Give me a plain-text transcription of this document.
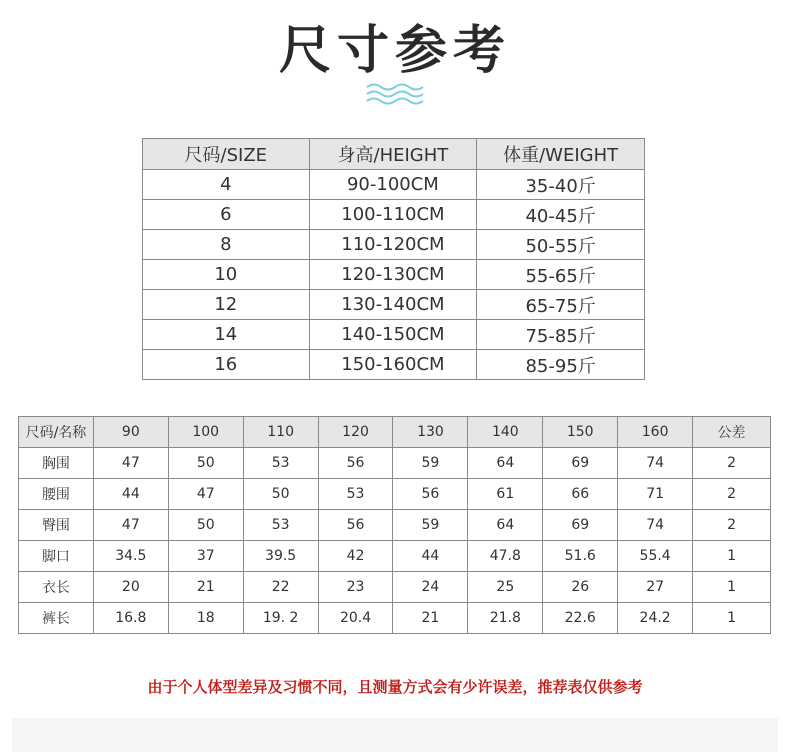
尺寸参考
尺码/SIZE	身高/HEIGHT	体重/WEIGHT
4	90-100CM	35-40斤
6	100-110CM	40-45斤
8	110-120CM	50-55斤
10	120-130CM	55-65斤
12	130-140CM	65-75斤
14	140-150CM	75-85斤
16	150-160CM	85-95斤
尺码/名称	90	100	110	120	130	140	150	160	公差
胸围	47	50	53	56	59	64	69	74	2
腰围	44	47	50	53	56	61	66	71	2
臀围	47	50	53	56	59	64	69	74	2
脚口	34.5	37	39.5	42	44	47.8	51.6	55.4	1
衣长	20	21	22	23	24	25	26	27	1
裤长	16.8	18	19. 2	20.4	21	21.8	22.6	24.2	1
由于个人体型差异及习惯不同，且测量方式会有少许误差，推荐表仅供参考
